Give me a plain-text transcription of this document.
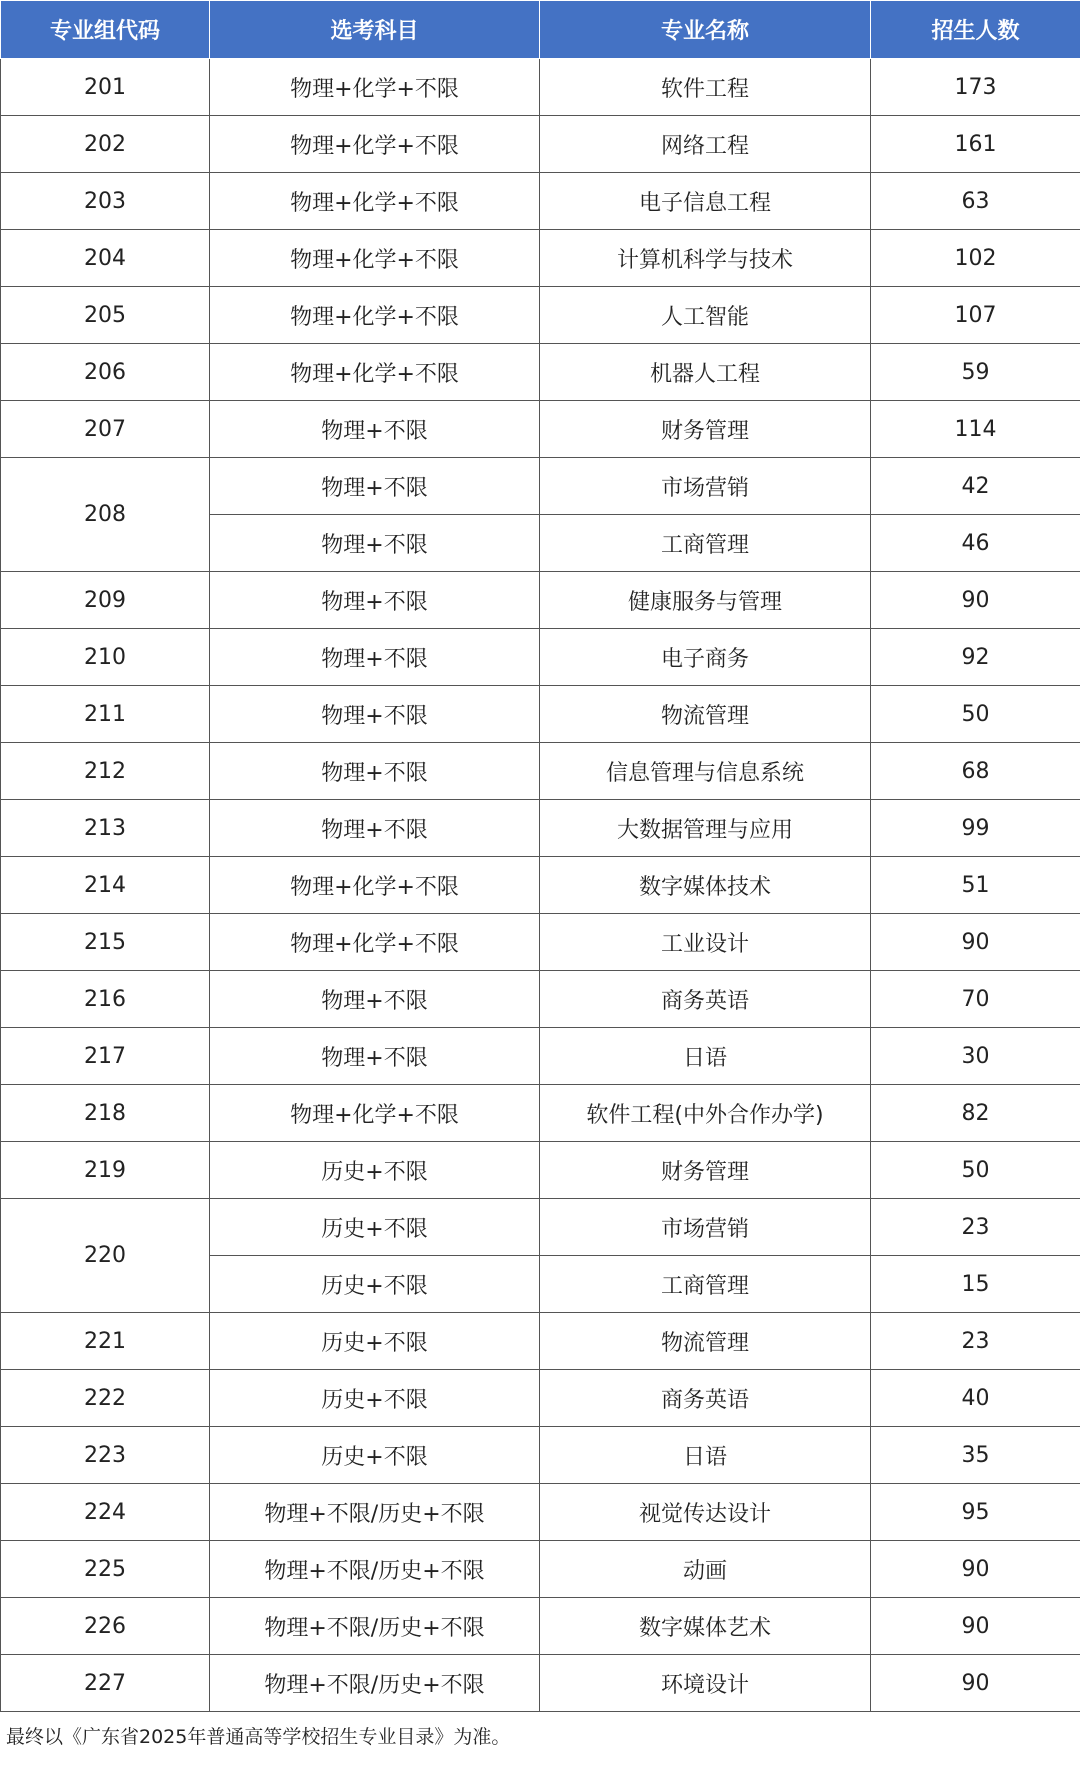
专业组代码	选考科目	专业名称	招生人数
201	物理+化学+不限	软件工程	173
202	物理+化学+不限	网络工程	161
203	物理+化学+不限	电子信息工程	63
204	物理+化学+不限	计算机科学与技术	102
205	物理+化学+不限	人工智能	107
206	物理+化学+不限	机器人工程	59
207	物理+不限	财务管理	114
208	物理+不限	市场营销	42
	物理+不限	工商管理	46
209	物理+不限	健康服务与管理	90
210	物理+不限	电子商务	92
211	物理+不限	物流管理	50
212	物理+不限	信息管理与信息系统	68
213	物理+不限	大数据管理与应用	99
214	物理+化学+不限	数字媒体技术	51
215	物理+化学+不限	工业设计	90
216	物理+不限	商务英语	70
217	物理+不限	日语	30
218	物理+化学+不限	软件工程(中外合作办学)	82
219	历史+不限	财务管理	50
220	历史+不限	市场营销	23
	历史+不限	工商管理	15
221	历史+不限	物流管理	23
222	历史+不限	商务英语	40
223	历史+不限	日语	35
224	物理+不限/历史+不限	视觉传达设计	95
225	物理+不限/历史+不限	动画	90
226	物理+不限/历史+不限	数字媒体艺术	90
227	物理+不限/历史+不限	环境设计	90
最终以《广东省2025年普通高等学校招生专业目录》为准。
